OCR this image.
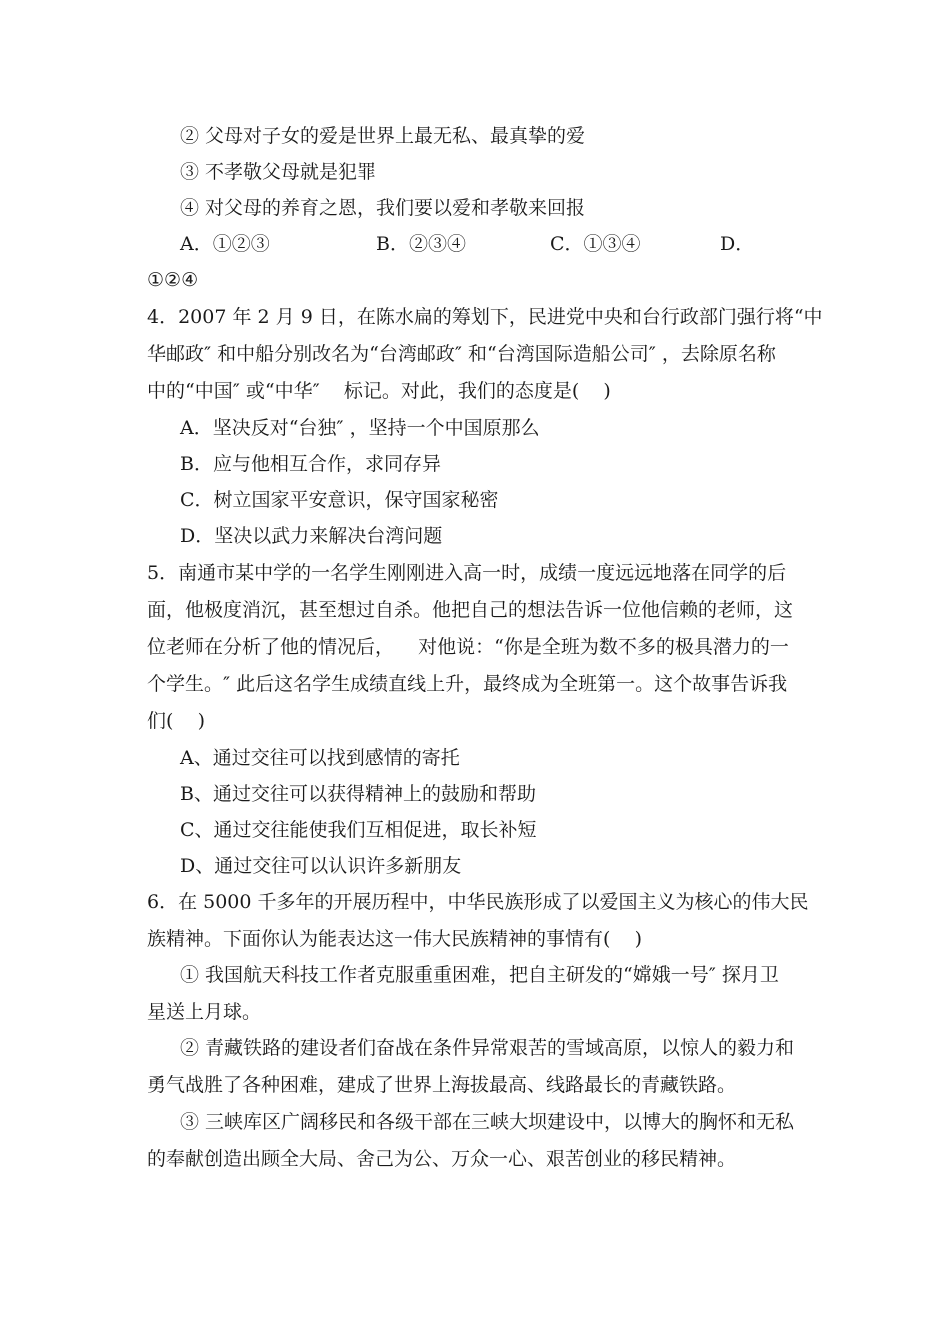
② 父母对子女的爱是世界上最无私、最真挚的爱
③ 不孝敬父母就是犯罪
④ 对父母的养育之恩，我们要以爱和孝敬来回报
A．①②③	B．②③④	C．①③④	D．
①②④
4．2007 年 2 月 9 日，在陈水扁的筹划下，民进党中央和台行政部门强行将“中
华邮政″ 和中船分别改名为“台湾邮政″ 和“台湾国际造船公司″ ，去除原名称
中的“中国″ 或“中华″    标记。对此，我们的态度是(    )
A．坚决反对“台独″ ，坚持一个中国原那么
B．应与他相互合作，求同存异
C．树立国家平安意识，保守国家秘密
D．坚决以武力来解决台湾问题
5．南通市某中学的一名学生刚刚进入高一时，成绩一度远远地落在同学的后
面，他极度消沉，甚至想过自杀。他把自己的想法告诉一位他信赖的老师，这
位老师在分析了他的情况后，    对他说：“你是全班为数不多的极具潜力的一
个学生。″ 此后这名学生成绩直线上升，最终成为全班第一。这个故事告诉我
们(    )
A、通过交往可以找到感情的寄托
B、通过交往可以获得精神上的鼓励和帮助
C、通过交往能使我们互相促进，取长补短
D、通过交往可以认识许多新朋友
6．在 5000 千多年的开展历程中，中华民族形成了以爱国主义为核心的伟大民
族精神。下面你认为能表达这一伟大民族精神的事情有(    )
① 我国航天科技工作者克服重重困难，把自主研发的“嫦娥一号″ 探月卫
星送上月球。
② 青藏铁路的建设者们奋战在条件异常艰苦的雪域高原，以惊人的毅力和
勇气战胜了各种困难，建成了世界上海拔最高、线路最长的青藏铁路。
③ 三峡库区广阔移民和各级干部在三峡大坝建设中，以博大的胸怀和无私
的奉献创造出顾全大局、舍己为公、万众一心、艰苦创业的移民精神。
